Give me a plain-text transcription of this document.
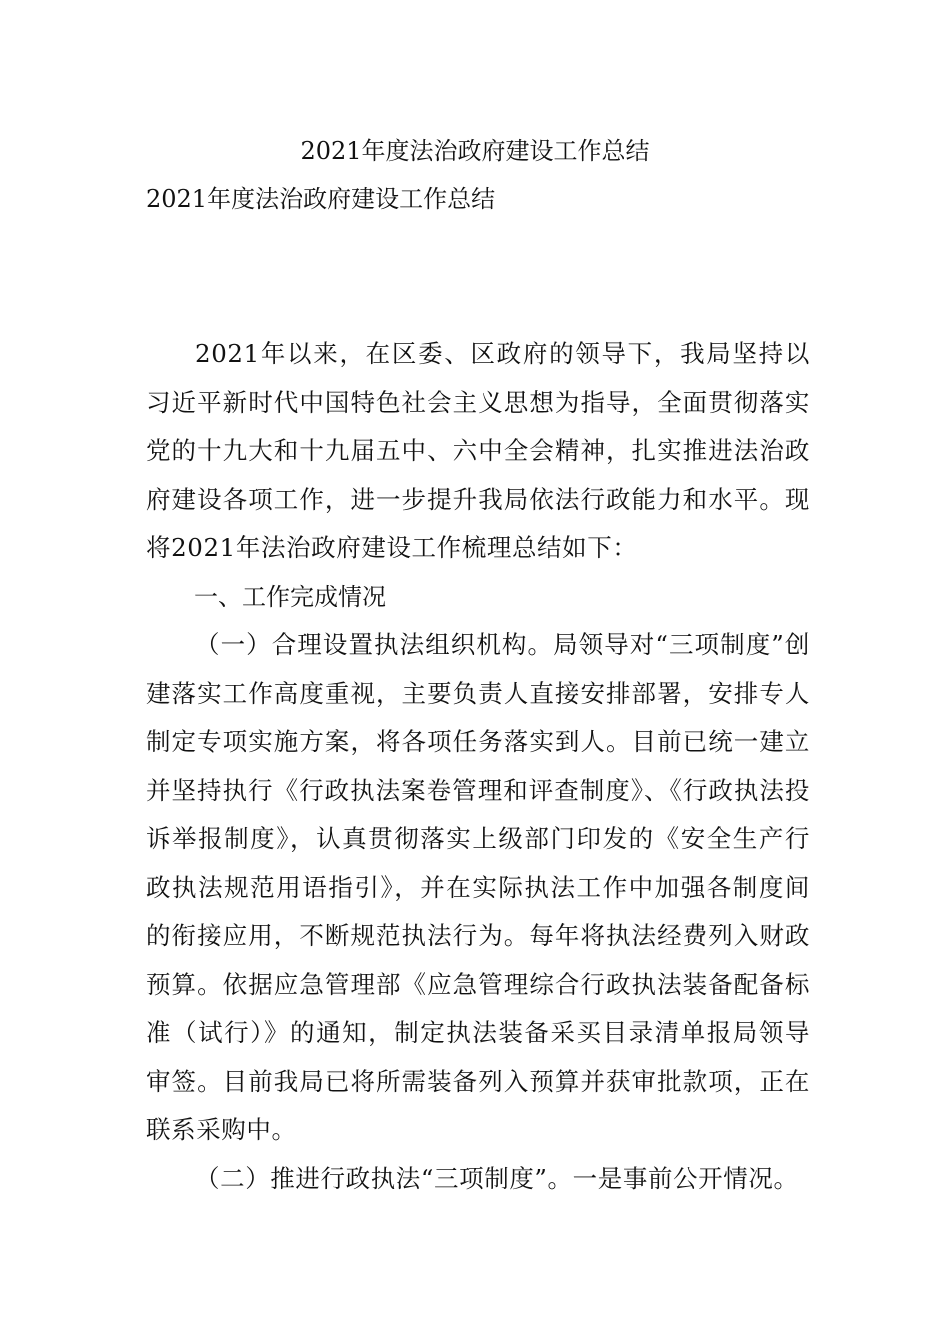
2021年度法治政府建设工作总结
2021年度法治政府建设工作总结

2021年以来，在区委、区政府的领导下，我局坚持以习近平新时代中国特色社会主义思想为指导，全面贯彻落实党的十九大和十九届五中、六中全会精神，扎实推进法治政府建设各项工作，进一步提升我局依法行政能力和水平。现将2021年法治政府建设工作梳理总结如下：

一、工作完成情况

（一）合理设置执法组织机构。局领导对“三项制度”创建落实工作高度重视，主要负责人直接安排部署，安排专人制定专项实施方案，将各项任务落实到人。目前已统一建立并坚持执行《行政执法案卷管理和评查制度》、《行政执法投诉举报制度》，认真贯彻落实上级部门印发的《安全生产行政执法规范用语指引》，并在实际执法工作中加强各制度间的衔接应用，不断规范执法行为。每年将执法经费列入财政预算。依据应急管理部《应急管理综合行政执法装备配备标准（试行）》的通知，制定执法装备采买目录清单报局领导审签。目前我局已将所需装备列入预算并获审批款项，正在联系采购中。

（二）推进行政执法“三项制度”。一是事前公开情况。
